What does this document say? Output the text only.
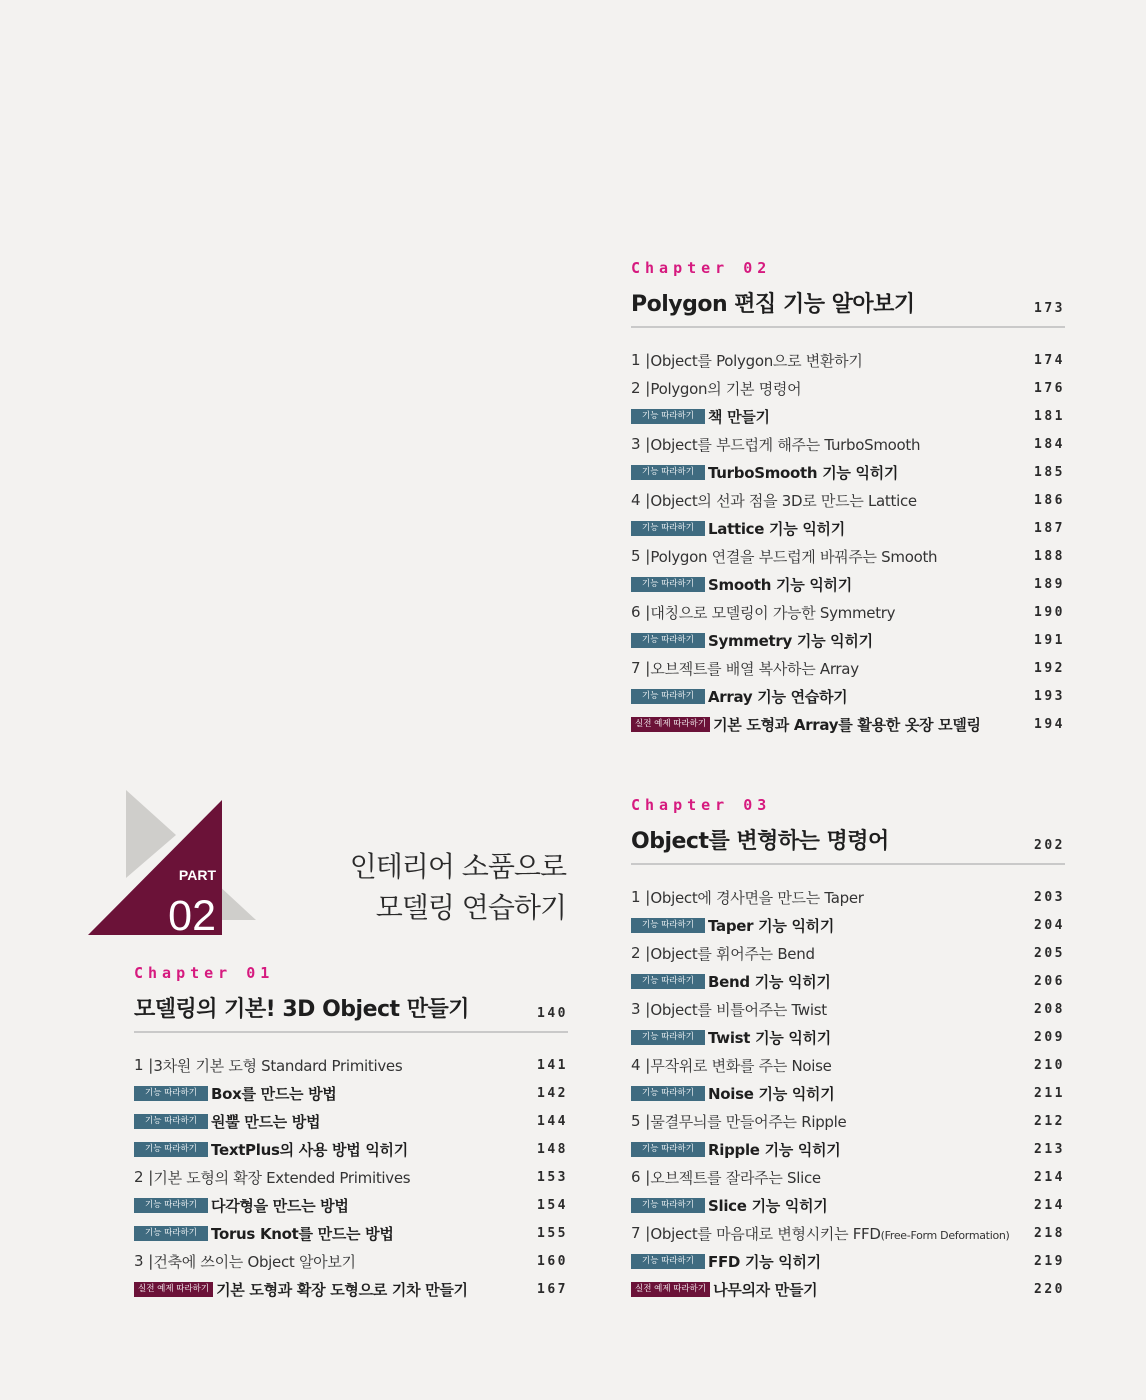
PART
02
인테리어 소품으로
모델링 연습하기
Chapter 01
모델링의 기본! 3D Object 만들기	140
1 | 3차원 기본 도형 Standard Primitives	141
기능 따라하기 Box를 만드는 방법	142
기능 따라하기 원뿔 만드는 방법	144
기능 따라하기 TextPlus의 사용 방법 익히기	148
2 | 기본 도형의 확장 Extended Primitives	153
기능 따라하기 다각형을 만드는 방법	154
기능 따라하기 Torus Knot를 만드는 방법	155
3 | 건축에 쓰이는 Object 알아보기	160
실전 예제 따라하기 기본 도형과 확장 도형으로 기차 만들기	167
Chapter 02
Polygon 편집 기능 알아보기	173
1 | Object를 Polygon으로 변환하기	174
2 | Polygon의 기본 명령어	176
기능 따라하기 책 만들기	181
3 | Object를 부드럽게 해주는 TurboSmooth	184
기능 따라하기 TurboSmooth 기능 익히기	185
4 | Object의 선과 점을 3D로 만드는 Lattice	186
기능 따라하기 Lattice 기능 익히기	187
5 | Polygon 연결을 부드럽게 바꿔주는 Smooth	188
기능 따라하기 Smooth 기능 익히기	189
6 | 대칭으로 모델링이 가능한 Symmetry	190
기능 따라하기 Symmetry 기능 익히기	191
7 | 오브젝트를 배열 복사하는 Array	192
기능 따라하기 Array 기능 연습하기	193
실전 예제 따라하기 기본 도형과 Array를 활용한 옷장 모델링	194
Chapter 03
Object를 변형하는 명령어	202
1 | Object에 경사면을 만드는 Taper	203
기능 따라하기 Taper 기능 익히기	204
2 | Object를 휘어주는 Bend	205
기능 따라하기 Bend 기능 익히기	206
3 | Object를 비틀어주는 Twist	208
기능 따라하기 Twist 기능 익히기	209
4 | 무작위로 변화를 주는 Noise	210
기능 따라하기 Noise 기능 익히기	211
5 | 물결무늬를 만들어주는 Ripple	212
기능 따라하기 Ripple 기능 익히기	213
6 | 오브젝트를 잘라주는 Slice	214
기능 따라하기 Slice 기능 익히기	214
7 | Object를 마음대로 변형시키는 FFD(Free-Form Deformation) 218
기능 따라하기 FFD 기능 익히기	219
실전 예제 따라하기 나무의자 만들기	220
